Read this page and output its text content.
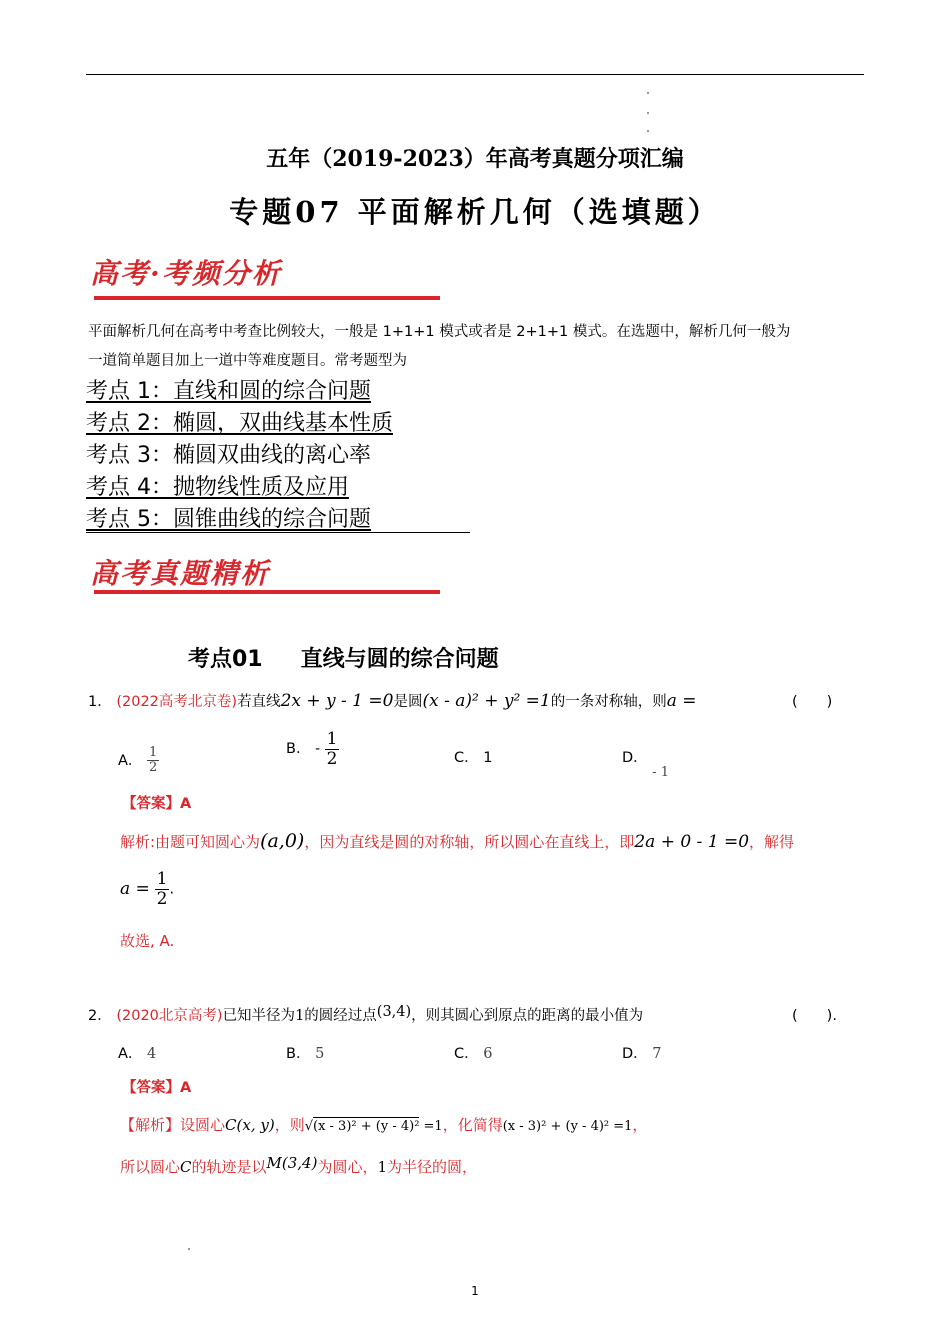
五年（2019-2023）年高考真题分项汇编
专题07 平面解析几何（选填题）
高考·考频分析
平面解析几何在高考中考查比例较大，一般是 1+1+1 模式或者是 2+1+1 模式。在选题中，解析几何一般为
一道简单题目加上一道中等难度题目。常考题型为
考点 1：直线和圆的综合问题
考点 2：椭圆，双曲线基本性质
考点 3：椭圆双曲线的离心率
考点 4：抛物线性质及应用
考点 5：圆锥曲线的综合问题
高考真题精析
考点01 直线与圆的综合问题
1． (2022高考北京卷)若直线2x + y - 1 =0是圆(x - a)² + y² =1的一条对称轴，则a =	(　　)
A． $\frac{1}{2}$	B． - $\frac{1}{2}$	C． 1	D． - 1
【答案】A
解析:由题可知圆心为(a,0)，因为直线是圆的对称轴，所以圆心在直线上，即2a + 0 - 1 =0，解得
$a = \frac{1}{2}$ .
故选, A.
2． (2020北京高考)已知半径为1的圆经过点(3,4)，则其圆心到原点的距离的最小值为	(　　).
A． 4	B． 5	C． 6	D． 7
【答案】A
【解析】设圆心C(x, y)，则√(x - 3)² + (y - 4)² =1，化简得(x - 3)² + (y - 4)² =1，
所以圆心C的轨迹是以M(3,4)为圆心，1为半径的圆，
1
